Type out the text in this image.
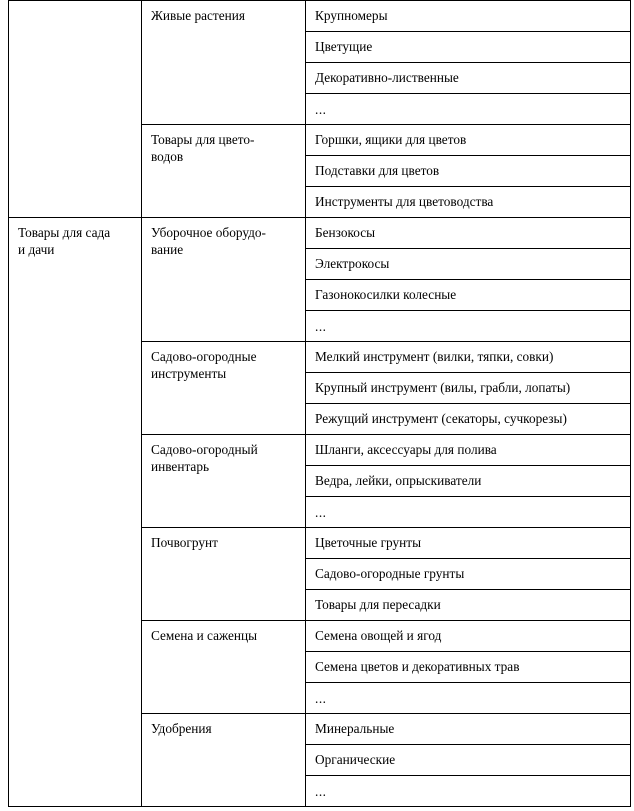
	Живые растения	Крупномеры

		Цветущие

		Декоративно-лиственные

		...

	Товары для цвето-
водов	Горшки, ящики для цветов

		Подставки для цветов

		Инструменты для цветоводства

Товары для сада
и дачи	Уборочное оборудо-
вание	Бензокосы

		Электрокосы

		Газонокосилки колесные

		...

	Садово-огородные
инструменты	Мелкий инструмент (вилки, тяпки, совки)

		Крупный инструмент (вилы, грабли, лопаты)

		Режущий инструмент (секаторы, сучкорезы)

	Садово-огородный
инвентарь	Шланги, аксессуары для полива

		Ведра, лейки, опрыскиватели

		...

	Почвогрунт	Цветочные грунты

		Садово-огородные грунты

		Товары для пересадки

	Семена и саженцы	Семена овощей и ягод

		Семена цветов и декоративных трав

		...

	Удобрения	Минеральные

		Органические

		...
